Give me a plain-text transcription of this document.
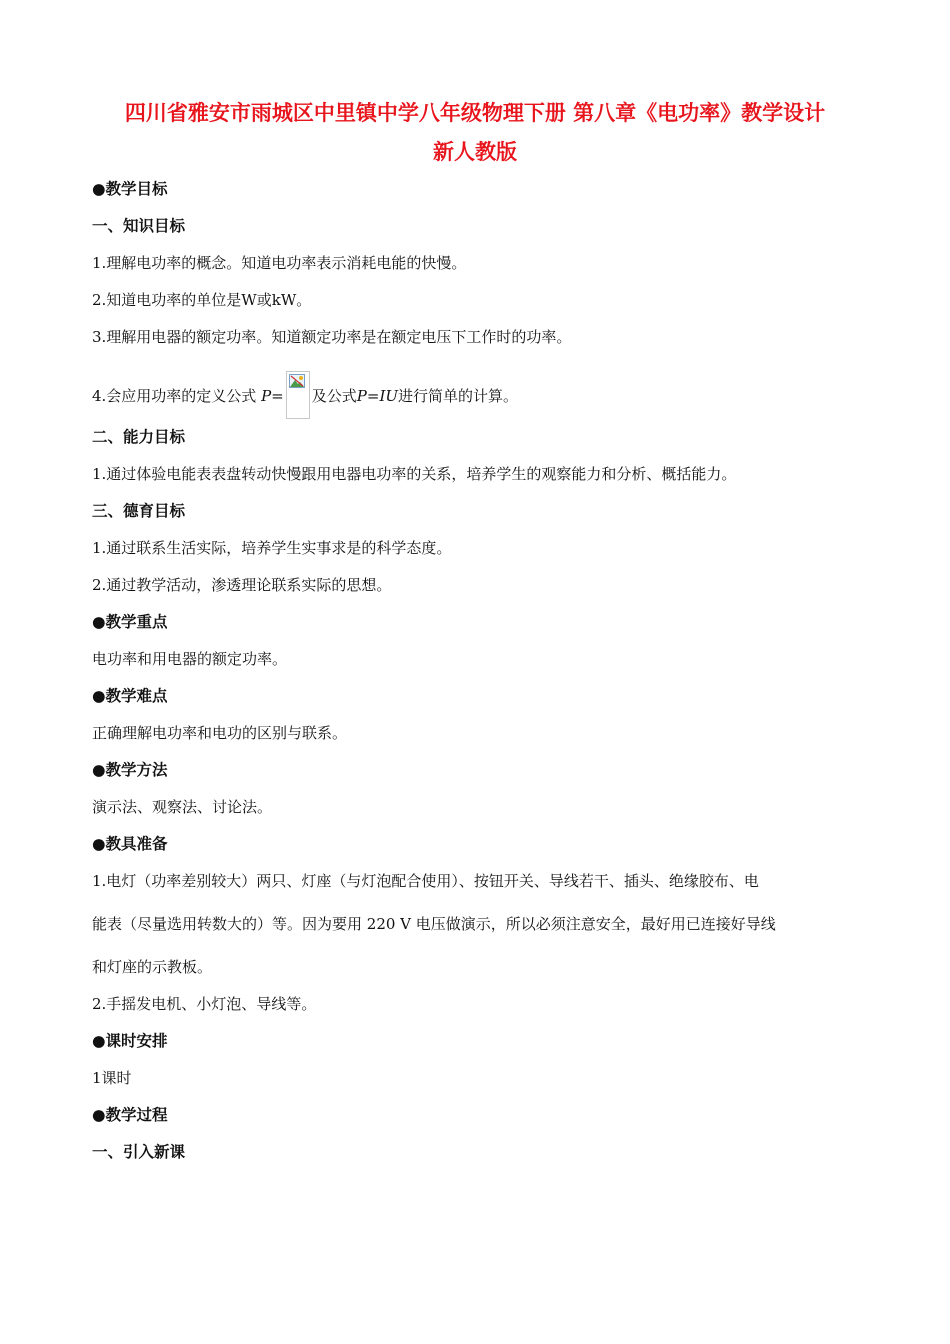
四川省雅安市雨城区中里镇中学八年级物理下册 第八章《电功率》教学设计
新人教版
●教学目标
一、知识目标
1.理解电功率的概念。知道电功率表示消耗电能的快慢。
2.知道电功率的单位是W或kW。
3.理解用电器的额定功率。知道额定功率是在额定电压下工作时的功率。
4.会应用功率的定义公式 P= 及公式P=IU进行简单的计算。
二、能力目标
1.通过体验电能表表盘转动快慢跟用电器电功率的关系，培养学生的观察能力和分析、概括能力。
三、德育目标
1.通过联系生活实际，培养学生实事求是的科学态度。
2.通过教学活动，渗透理论联系实际的思想。
●教学重点
电功率和用电器的额定功率。
●教学难点
正确理解电功率和电功的区别与联系。
●教学方法
演示法、观察法、讨论法。
●教具准备
1.电灯（功率差别较大）两只、灯座（与灯泡配合使用）、按钮开关、导线若干、插头、绝缘胶布、电
能表（尽量选用转数大的）等。因为要用 220 V 电压做演示，所以必须注意安全，最好用已连接好导线
和灯座的示教板。
2.手摇发电机、小灯泡、导线等。
●课时安排
1课时
●教学过程
一、引入新课
